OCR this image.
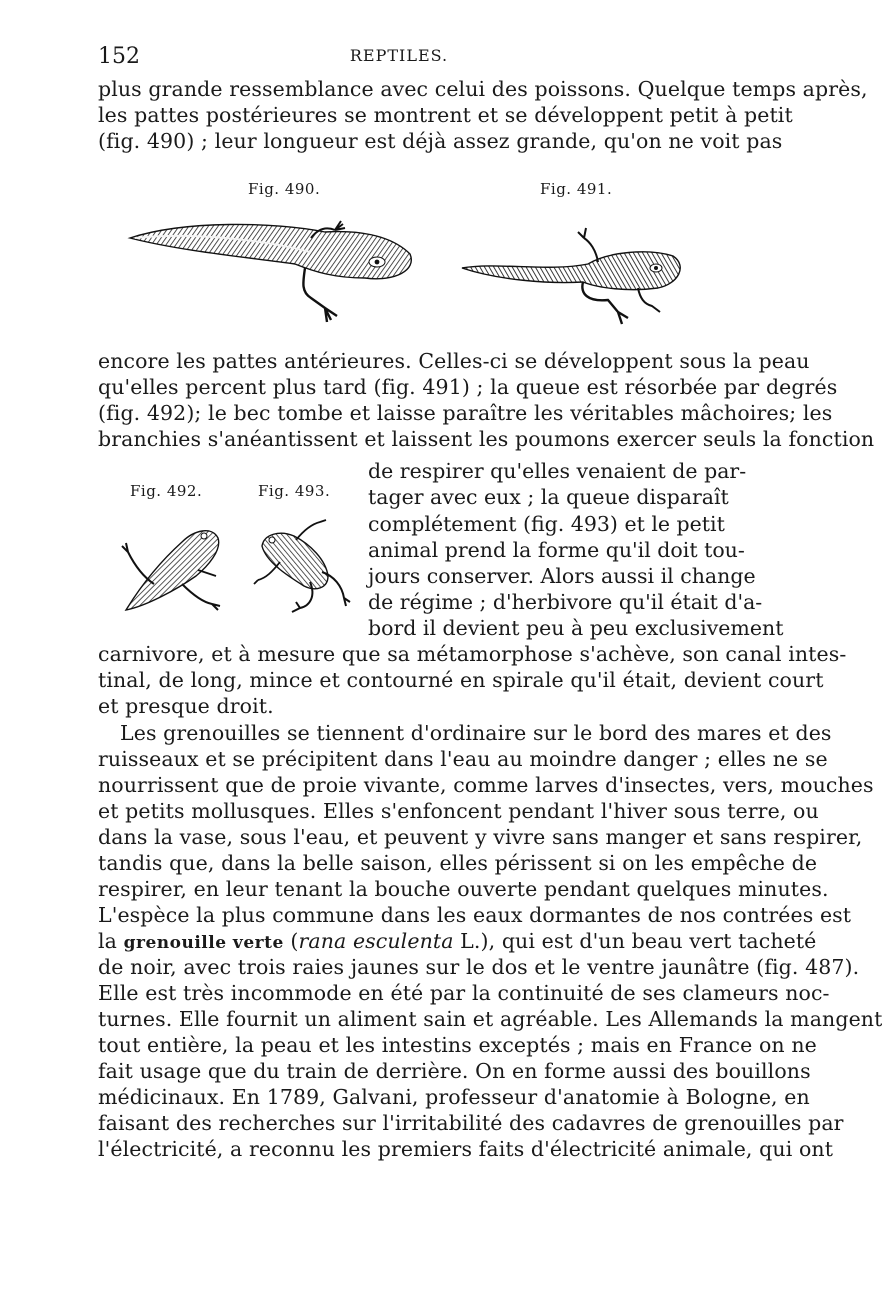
152	REPTILES.
plus grande ressemblance avec celui des poissons. Quelque temps après,
les pattes postérieures se montrent et se développent petit à petit
(fig. 490) ; leur longueur est déjà assez grande, qu'on ne voit pas
Fig. 490.	Fig. 491.
encore les pattes antérieures. Celles-ci se développent sous la peau
qu'elles percent plus tard (fig. 491) ; la queue est résorbée par degrés
(fig. 492); le bec tombe et laisse paraître les véritables mâchoires; les
branchies s'anéantissent et laissent les poumons exercer seuls la fonction
Fig. 492.	Fig. 493.
de respirer qu'elles venaient de par-
tager avec eux ; la queue disparaît
complétement (fig. 493) et le petit
animal prend la forme qu'il doit tou-
jours conserver. Alors aussi il change
de régime ; d'herbivore qu'il était d'a-
bord il devient peu à peu exclusivement
carnivore, et à mesure que sa métamorphose s'achève, son canal intes-
tinal, de long, mince et contourné en spirale qu'il était, devient court
et presque droit.
Les grenouilles se tiennent d'ordinaire sur le bord des mares et des
ruisseaux et se précipitent dans l'eau au moindre danger ; elles ne se
nourrissent que de proie vivante, comme larves d'insectes, vers, mouches
et petits mollusques. Elles s'enfoncent pendant l'hiver sous terre, ou
dans la vase, sous l'eau, et peuvent y vivre sans manger et sans respirer,
tandis que, dans la belle saison, elles périssent si on les empêche de
respirer, en leur tenant la bouche ouverte pendant quelques minutes.
L'espèce la plus commune dans les eaux dormantes de nos contrées est
la grenouille verte (rana esculenta L.), qui est d'un beau vert tacheté
de noir, avec trois raies jaunes sur le dos et le ventre jaunâtre (fig. 487).
Elle est très incommode en été par la continuité de ses clameurs noc-
turnes. Elle fournit un aliment sain et agréable. Les Allemands la mangent
tout entière, la peau et les intestins exceptés ; mais en France on ne
fait usage que du train de derrière. On en forme aussi des bouillons
médicinaux. En 1789, Galvani, professeur d'anatomie à Bologne, en
faisant des recherches sur l'irritabilité des cadavres de grenouilles par
l'électricité, a reconnu les premiers faits d'électricité animale, qui ont
